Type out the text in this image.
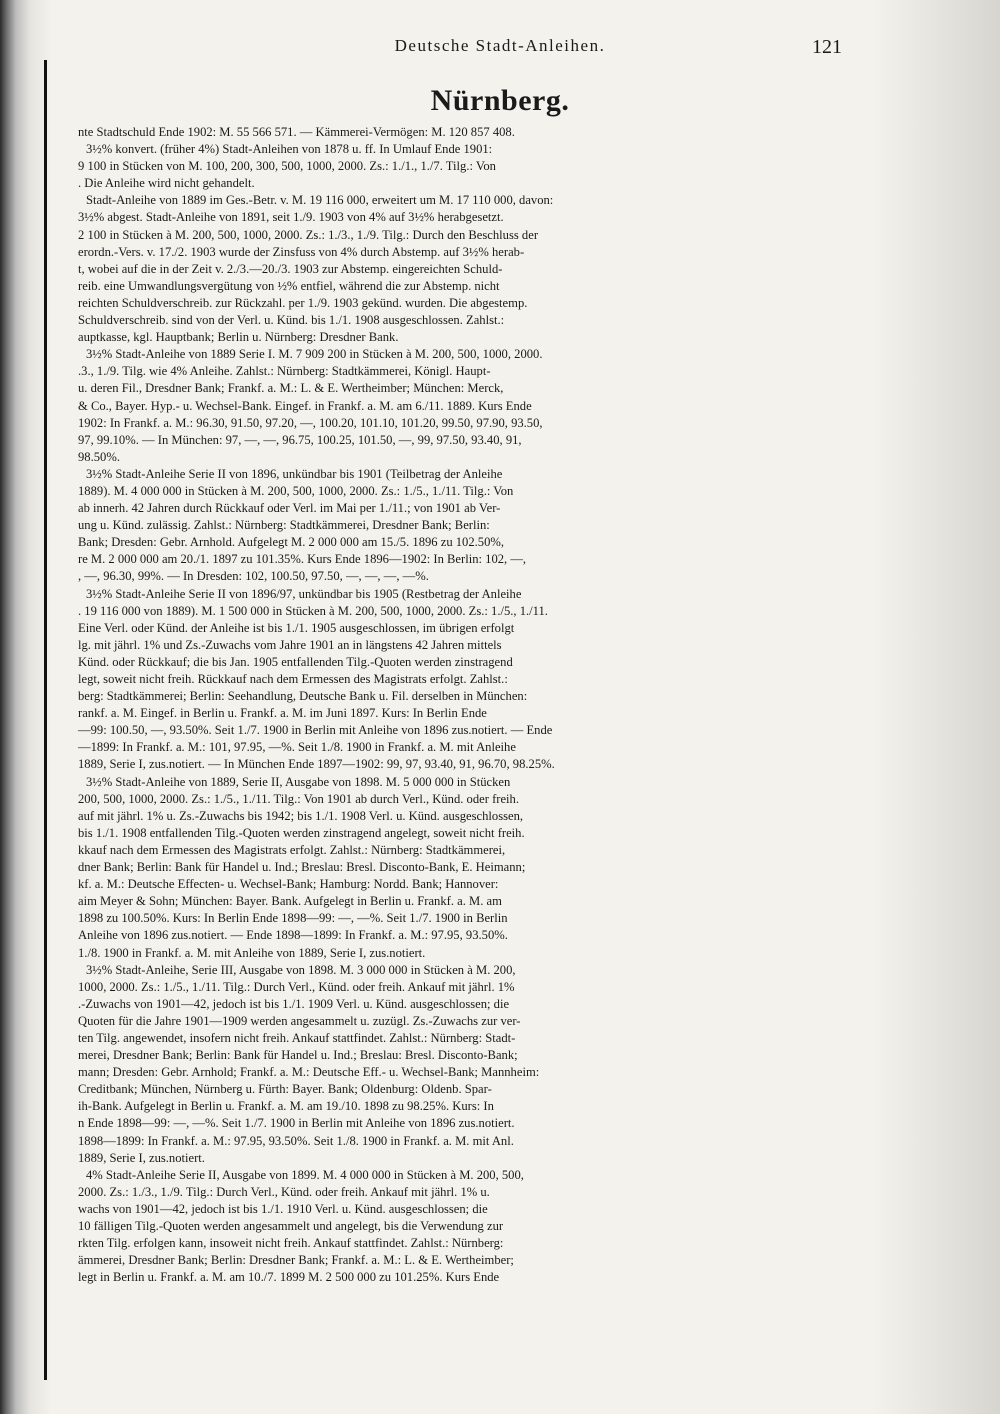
Deutsche Stadt-Anleihen.	121
Nürnberg.

nte Stadtschuld Ende 1902: M. 55 566 571. — Kämmerei-Vermögen: M. 120 857 408.

3½% konvert. (früher 4%) Stadt-Anleihen von 1878 u. ff. In Umlauf Ende 1901:
9 100 in Stücken von M. 100, 200, 300, 500, 1000, 2000. Zs.: 1./1., 1./7. Tilg.: Von
. Die Anleihe wird nicht gehandelt.

Stadt-Anleihe von 1889 im Ges.-Betr. v. M. 19 116 000, erweitert um M. 17 110 000, davon:
3½% abgest. Stadt-Anleihe von 1891, seit 1./9. 1903 von 4% auf 3½% herabgesetzt.
2 100 in Stücken à M. 200, 500, 1000, 2000. Zs.: 1./3., 1./9. Tilg.: Durch den Beschluss der
erordn.-Vers. v. 17./2. 1903 wurde der Zinsfuss von 4% durch Abstemp. auf 3½% herab-
t, wobei auf die in der Zeit v. 2./3.—20./3. 1903 zur Abstemp. eingereichten Schuld-
reib. eine Umwandlungsvergütung von ½% entfiel, während die zur Abstemp. nicht
reichten Schuldverschreib. zur Rückzahl. per 1./9. 1903 gekünd. wurden. Die abgestemp.
Schuldverschreib. sind von der Verl. u. Künd. bis 1./1. 1908 ausgeschlossen. Zahlst.:
auptkasse, kgl. Hauptbank; Berlin u. Nürnberg: Dresdner Bank.

3½% Stadt-Anleihe von 1889 Serie I. M. 7 909 200 in Stücken à M. 200, 500, 1000, 2000.
.3., 1./9. Tilg. wie 4% Anleihe. Zahlst.: Nürnberg: Stadtkämmerei, Königl. Haupt-
u. deren Fil., Dresdner Bank; Frankf. a. M.: L. & E. Wertheimber; München: Merck,
& Co., Bayer. Hyp.- u. Wechsel-Bank. Eingef. in Frankf. a. M. am 6./11. 1889. Kurs Ende
1902: In Frankf. a. M.: 96.30, 91.50, 97.20, —, 100.20, 101.10, 101.20, 99.50, 97.90, 93.50,
97, 99.10%. — In München: 97, —, —, 96.75, 100.25, 101.50, —, 99, 97.50, 93.40, 91,
98.50%.

3½% Stadt-Anleihe Serie II von 1896, unkündbar bis 1901 (Teilbetrag der Anleihe
1889). M. 4 000 000 in Stücken à M. 200, 500, 1000, 2000. Zs.: 1./5., 1./11. Tilg.: Von
ab innerh. 42 Jahren durch Rückkauf oder Verl. im Mai per 1./11.; von 1901 ab Ver-
ung u. Künd. zulässig. Zahlst.: Nürnberg: Stadtkämmerei, Dresdner Bank; Berlin:
Bank; Dresden: Gebr. Arnhold. Aufgelegt M. 2 000 000 am 15./5. 1896 zu 102.50%,
re M. 2 000 000 am 20./1. 1897 zu 101.35%. Kurs Ende 1896—1902: In Berlin: 102, —,
, —, 96.30, 99%. — In Dresden: 102, 100.50, 97.50, —, —, —, —%.

3½% Stadt-Anleihe Serie II von 1896/97, unkündbar bis 1905 (Restbetrag der Anleihe
. 19 116 000 von 1889). M. 1 500 000 in Stücken à M. 200, 500, 1000, 2000. Zs.: 1./5., 1./11.
Eine Verl. oder Künd. der Anleihe ist bis 1./1. 1905 ausgeschlossen, im übrigen erfolgt
lg. mit jährl. 1% und Zs.-Zuwachs vom Jahre 1901 an in längstens 42 Jahren mittels
Künd. oder Rückkauf; die bis Jan. 1905 entfallenden Tilg.-Quoten werden zinstragend
legt, soweit nicht freih. Rückkauf nach dem Ermessen des Magistrats erfolgt. Zahlst.:
berg: Stadtkämmerei; Berlin: Seehandlung, Deutsche Bank u. Fil. derselben in München:
rankf. a. M. Eingef. in Berlin u. Frankf. a. M. im Juni 1897. Kurs: In Berlin Ende
—99: 100.50, —, 93.50%. Seit 1./7. 1900 in Berlin mit Anleihe von 1896 zus.notiert. — Ende
—1899: In Frankf. a. M.: 101, 97.95, —%. Seit 1./8. 1900 in Frankf. a. M. mit Anleihe
1889, Serie I, zus.notiert. — In München Ende 1897—1902: 99, 97, 93.40, 91, 96.70, 98.25%.

3½% Stadt-Anleihe von 1889, Serie II, Ausgabe von 1898. M. 5 000 000 in Stücken
200, 500, 1000, 2000. Zs.: 1./5., 1./11. Tilg.: Von 1901 ab durch Verl., Künd. oder freih.
auf mit jährl. 1% u. Zs.-Zuwachs bis 1942; bis 1./1. 1908 Verl. u. Künd. ausgeschlossen,
bis 1./1. 1908 entfallenden Tilg.-Quoten werden zinstragend angelegt, soweit nicht freih.
kkauf nach dem Ermessen des Magistrats erfolgt. Zahlst.: Nürnberg: Stadtkämmerei,
dner Bank; Berlin: Bank für Handel u. Ind.; Breslau: Bresl. Disconto-Bank, E. Heimann;
kf. a. M.: Deutsche Effecten- u. Wechsel-Bank; Hamburg: Nordd. Bank; Hannover:
aim Meyer & Sohn; München: Bayer. Bank. Aufgelegt in Berlin u. Frankf. a. M. am
1898 zu 100.50%. Kurs: In Berlin Ende 1898—99: —, —%. Seit 1./7. 1900 in Berlin
Anleihe von 1896 zus.notiert. — Ende 1898—1899: In Frankf. a. M.: 97.95, 93.50%.
1./8. 1900 in Frankf. a. M. mit Anleihe von 1889, Serie I, zus.notiert.

3½% Stadt-Anleihe, Serie III, Ausgabe von 1898. M. 3 000 000 in Stücken à M. 200,
1000, 2000. Zs.: 1./5., 1./11. Tilg.: Durch Verl., Künd. oder freih. Ankauf mit jährl. 1%
.-Zuwachs von 1901—42, jedoch ist bis 1./1. 1909 Verl. u. Künd. ausgeschlossen; die
Quoten für die Jahre 1901—1909 werden angesammelt u. zuzügl. Zs.-Zuwachs zur ver-
ten Tilg. angewendet, insofern nicht freih. Ankauf stattfindet. Zahlst.: Nürnberg: Stadt-
merei, Dresdner Bank; Berlin: Bank für Handel u. Ind.; Breslau: Bresl. Disconto-Bank;
mann; Dresden: Gebr. Arnhold; Frankf. a. M.: Deutsche Eff.- u. Wechsel-Bank; Mannheim:
Creditbank; München, Nürnberg u. Fürth: Bayer. Bank; Oldenburg: Oldenb. Spar-
ih-Bank. Aufgelegt in Berlin u. Frankf. a. M. am 19./10. 1898 zu 98.25%. Kurs: In
n Ende 1898—99: —, —%. Seit 1./7. 1900 in Berlin mit Anleihe von 1896 zus.notiert.
1898—1899: In Frankf. a. M.: 97.95, 93.50%. Seit 1./8. 1900 in Frankf. a. M. mit Anl.
1889, Serie I, zus.notiert.

4% Stadt-Anleihe Serie II, Ausgabe von 1899. M. 4 000 000 in Stücken à M. 200, 500,
2000. Zs.: 1./3., 1./9. Tilg.: Durch Verl., Künd. oder freih. Ankauf mit jährl. 1% u.
wachs von 1901—42, jedoch ist bis 1./1. 1910 Verl. u. Künd. ausgeschlossen; die
10 fälligen Tilg.-Quoten werden angesammelt und angelegt, bis die Verwendung zur
rkten Tilg. erfolgen kann, insoweit nicht freih. Ankauf stattfindet. Zahlst.: Nürnberg:
ämmerei, Dresdner Bank; Berlin: Dresdner Bank; Frankf. a. M.: L. & E. Wertheimber;
legt in Berlin u. Frankf. a. M. am 10./7. 1899 M. 2 500 000 zu 101.25%. Kurs Ende
